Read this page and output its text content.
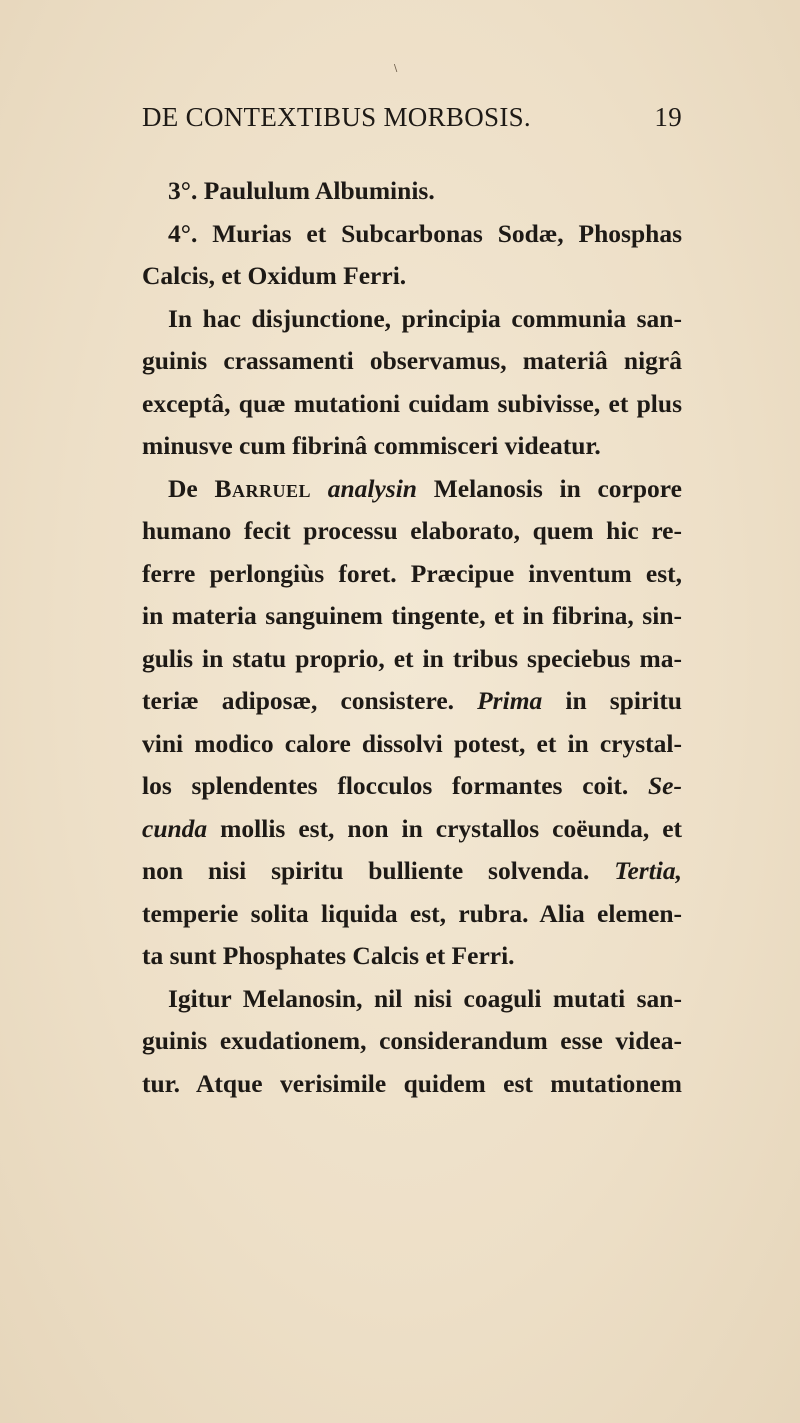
∖
DE CONTEXTIBUS MORBOSIS.	19
3°. Paululum Albuminis.
4°. Murias et Subcarbonas Sodæ, Phosphas
Calcis, et Oxidum Ferri.
In hac disjunctione, principia communia san-
guinis crassamenti observamus, materiâ nigrâ
exceptâ, quæ mutationi cuidam subivisse, et plus
minusve cum fibrinâ commisceri videatur.
De Barruel analysin Melanosis in corpore
humano fecit processu elaborato, quem hic re-
ferre perlongiùs foret. Præcipue inventum est,
in materia sanguinem tingente, et in fibrina, sin-
gulis in statu proprio, et in tribus speciebus ma-
teriæ adiposæ, consistere. Prima in spiritu
vini modico calore dissolvi potest, et in crystal-
los splendentes flocculos formantes coit. Se-
cunda mollis est, non in crystallos coëunda, et
non nisi spiritu bulliente solvenda. Tertia,
temperie solita liquida est, rubra. Alia elemen-
ta sunt Phosphates Calcis et Ferri.
Igitur Melanosin, nil nisi coaguli mutati san-
guinis exudationem, considerandum esse videa-
tur. Atque verisimile quidem est mutationem
